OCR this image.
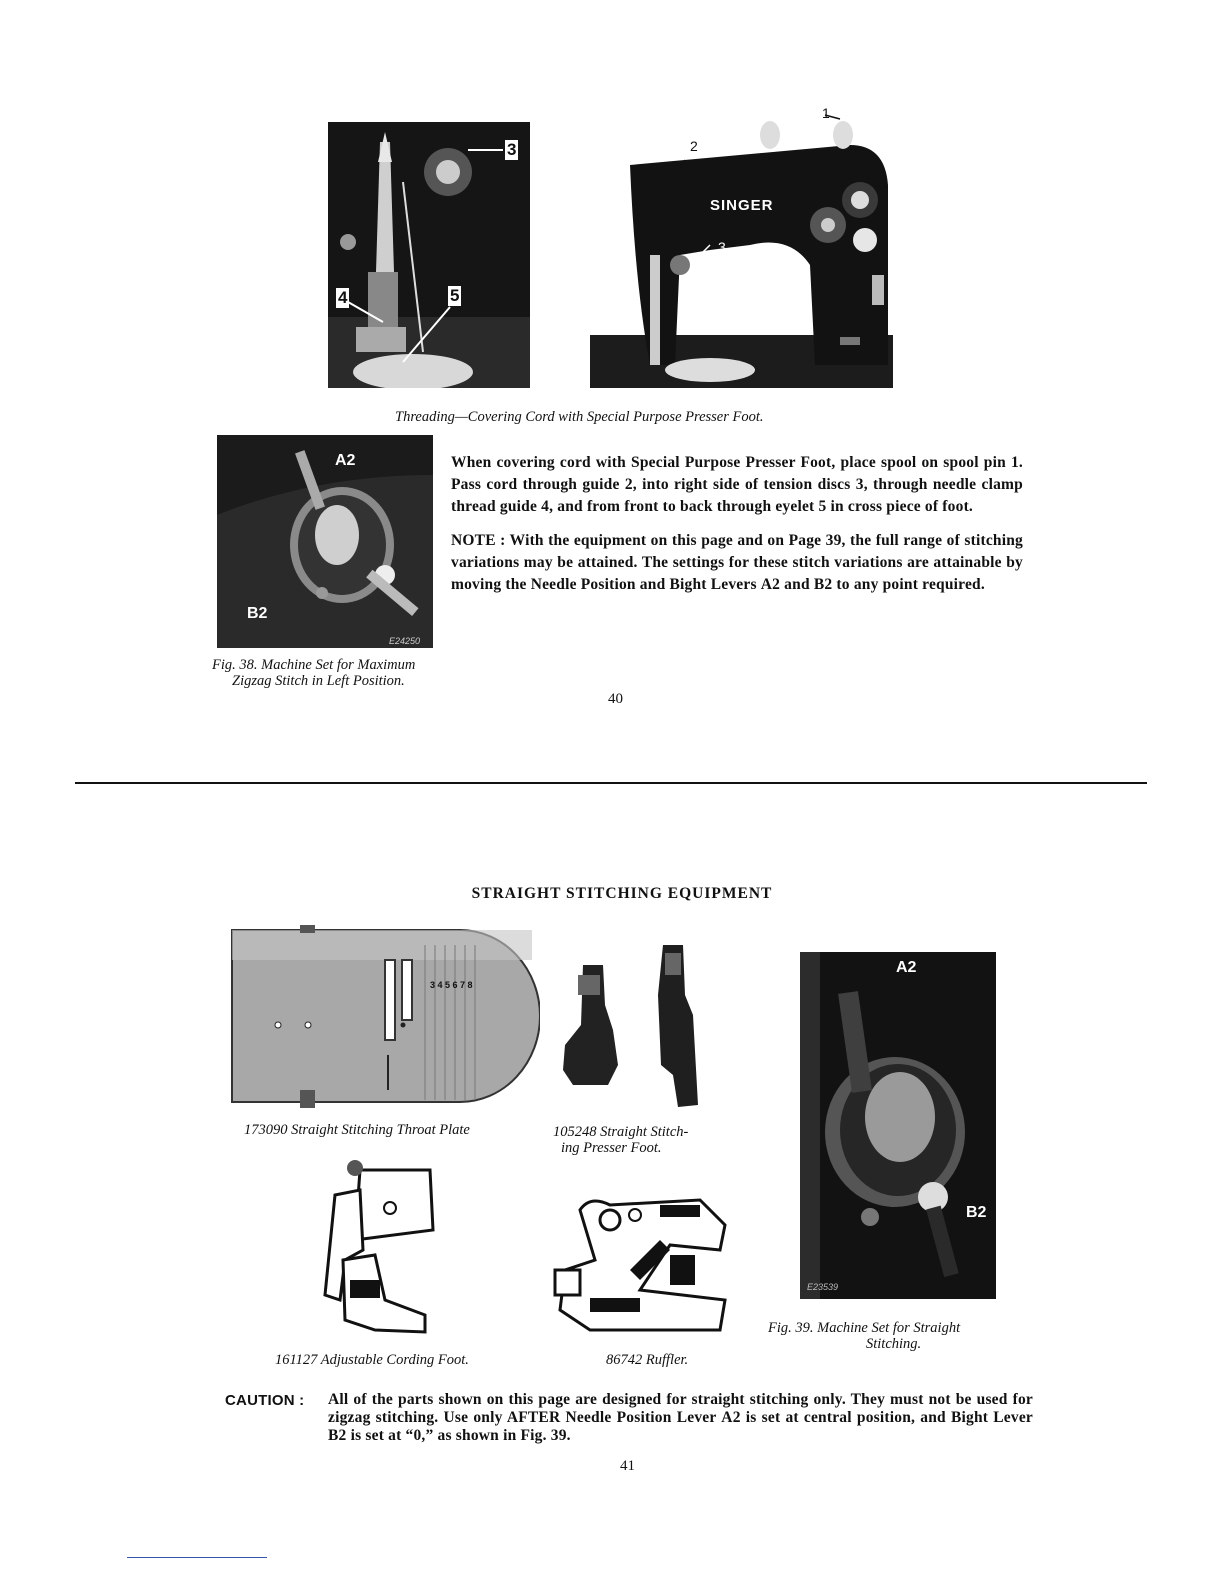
3
4	5
SINGER
1
2
3
4	5
Threading—Covering Cord with Special Purpose Presser Foot.
A2
B2
E24250
Fig. 38. Machine Set for Maximum
Zigzag Stitch in Left Position.

When covering cord with Special Purpose Presser Foot, place spool on spool pin 1. Pass cord through guide 2, into right side of tension discs 3, through needle clamp thread guide 4, and from front to back through eyelet 5 in cross piece of foot.

NOTE : With the equipment on this page and on Page 39, the full range of stitching variations may be attained. The settings for these stitch variations are attainable by moving the Needle Position and Bight Levers A2 and B2 to any point required.

40
STRAIGHT STITCHING EQUIPMENT
3 4 5 6 7 8
173090 Straight Stitching Throat Plate	105248 Straight Stitch-
ing Presser Foot.
161127 Adjustable Cording Foot.	86742 Ruffler.
A2
B2
E23539
Fig. 39. Machine Set for Straight
Stitching.
CAUTION : All of the parts shown on this page are designed for straight stitching only. They must not be used for zigzag stitching. Use only AFTER Needle Position Lever A2 is set at central position, and Bight Lever B2 is set at “0,” as shown in Fig. 39.
41
